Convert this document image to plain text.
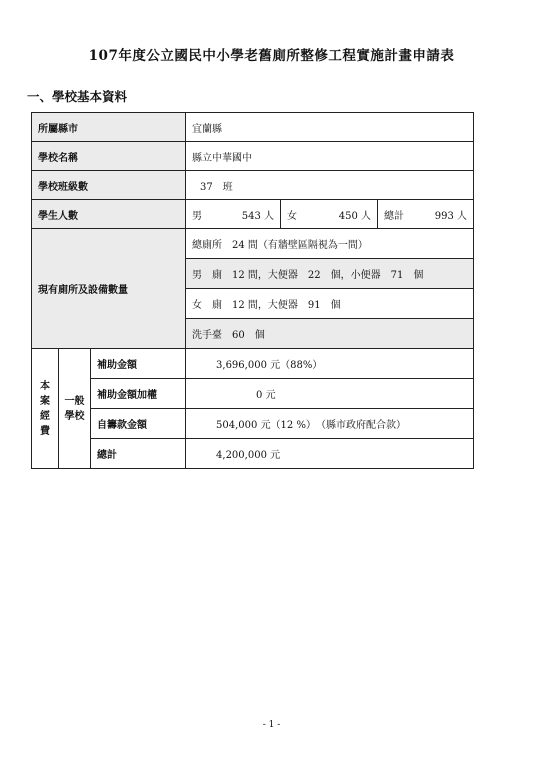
107年度公立國民中小學老舊廁所整修工程實施計畫申請表
一、學校基本資料
所屬縣市			宜蘭縣		
學校名稱			縣立中華國中		
學校班級數			37　班		
學生人數			男 543 人	女 450 人	總計 993 人

現有廁所及設備數量			總廁所　24 間（有牆壁區隔視為一間）		
			男　廁　12 間，大便器　22　個，小便器　71　個		
			女　廁　12 間，大便器　91　個		
			洗手臺　60　個		

本
案
經
費	一般
學校	補助金額	3,696,000 元（88%）		
		補助金額加權	0 元		
		自籌款金額	504,000 元（12 %）　（縣市政府配合款）		
		總計	4,200,000 元		
- 1 -
